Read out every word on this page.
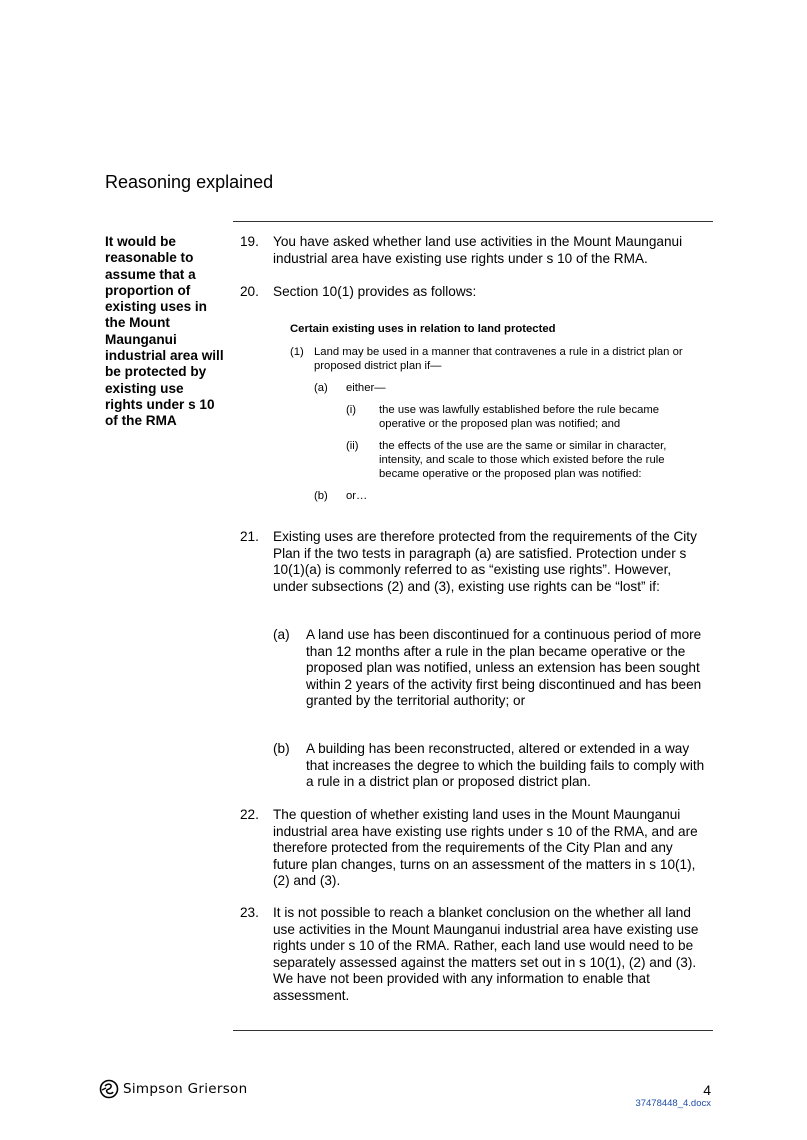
Reasoning explained
It would be reasonable to assume that a proportion of existing uses in the Mount Maunganui industrial area will be protected by existing use rights under s 10 of the RMA
19. You have asked whether land use activities in the Mount Maunganui industrial area have existing use rights under s 10 of the RMA.
20. Section 10(1) provides as follows:
Certain existing uses in relation to land protected
(1) Land may be used in a manner that contravenes a rule in a district plan or proposed district plan if—
(a) either—
(i) the use was lawfully established before the rule became operative or the proposed plan was notified; and
(ii) the effects of the use are the same or similar in character, intensity, and scale to those which existed before the rule became operative or the proposed plan was notified:
(b) or…
21. Existing uses are therefore protected from the requirements of the City Plan if the two tests in paragraph (a) are satisfied. Protection under s 10(1)(a) is commonly referred to as “existing use rights”. However, under subsections (2) and (3), existing use rights can be “lost” if:
(a) A land use has been discontinued for a continuous period of more than 12 months after a rule in the plan became operative or the proposed plan was notified, unless an extension has been sought within 2 years of the activity first being discontinued and has been granted by the territorial authority; or
(b) A building has been reconstructed, altered or extended in a way that increases the degree to which the building fails to comply with a rule in a district plan or proposed district plan.
22. The question of whether existing land uses in the Mount Maunganui industrial area have existing use rights under s 10 of the RMA, and are therefore protected from the requirements of the City Plan and any future plan changes, turns on an assessment of the matters in s 10(1), (2) and (3).
23. It is not possible to reach a blanket conclusion on the whether all land use activities in the Mount Maunganui industrial area have existing use rights under s 10 of the RMA. Rather, each land use would need to be separately assessed against the matters set out in s 10(1), (2) and (3). We have not been provided with any information to enable that assessment.
Simpson Grierson	4
37478448_4.docx
